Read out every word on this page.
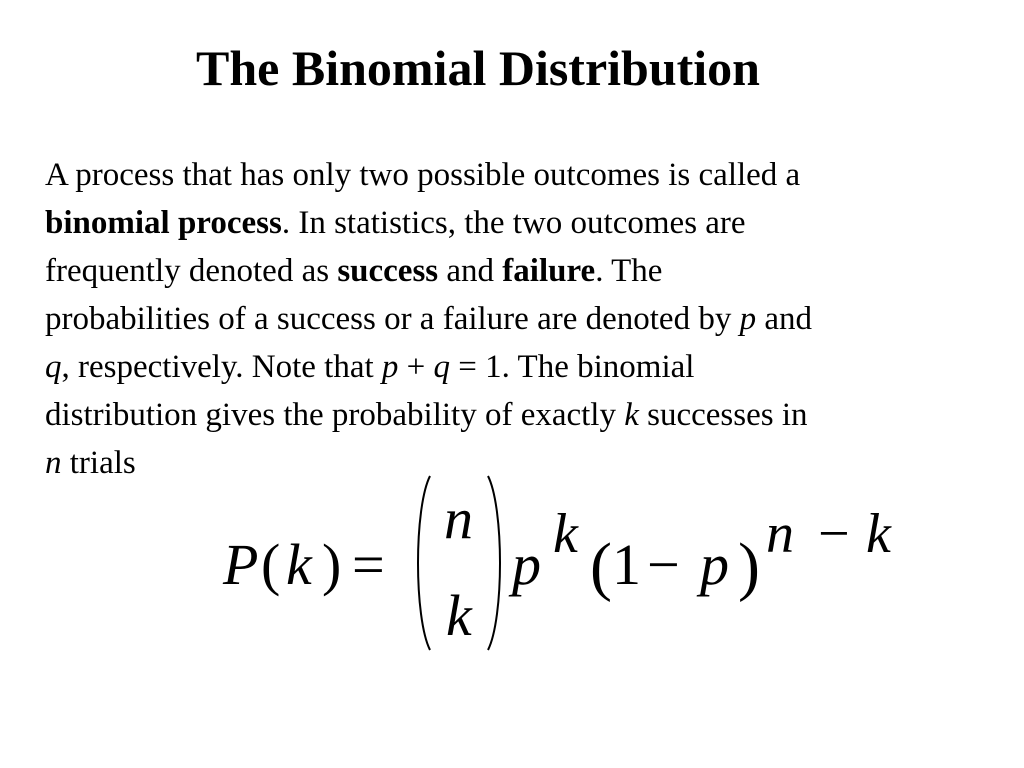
The Binomial Distribution

A process that has only two possible outcomes is called a
binomial process. In statistics, the two outcomes are
frequently denoted as success and failure. The
probabilities of a success or a failure are denoted by p and
q, respectively. Note that p + q = 1. The binomial
distribution gives the probability of exactly k successes in
n trials

P ( k ) =
n
k
p k ( 1 − p ) n − k
